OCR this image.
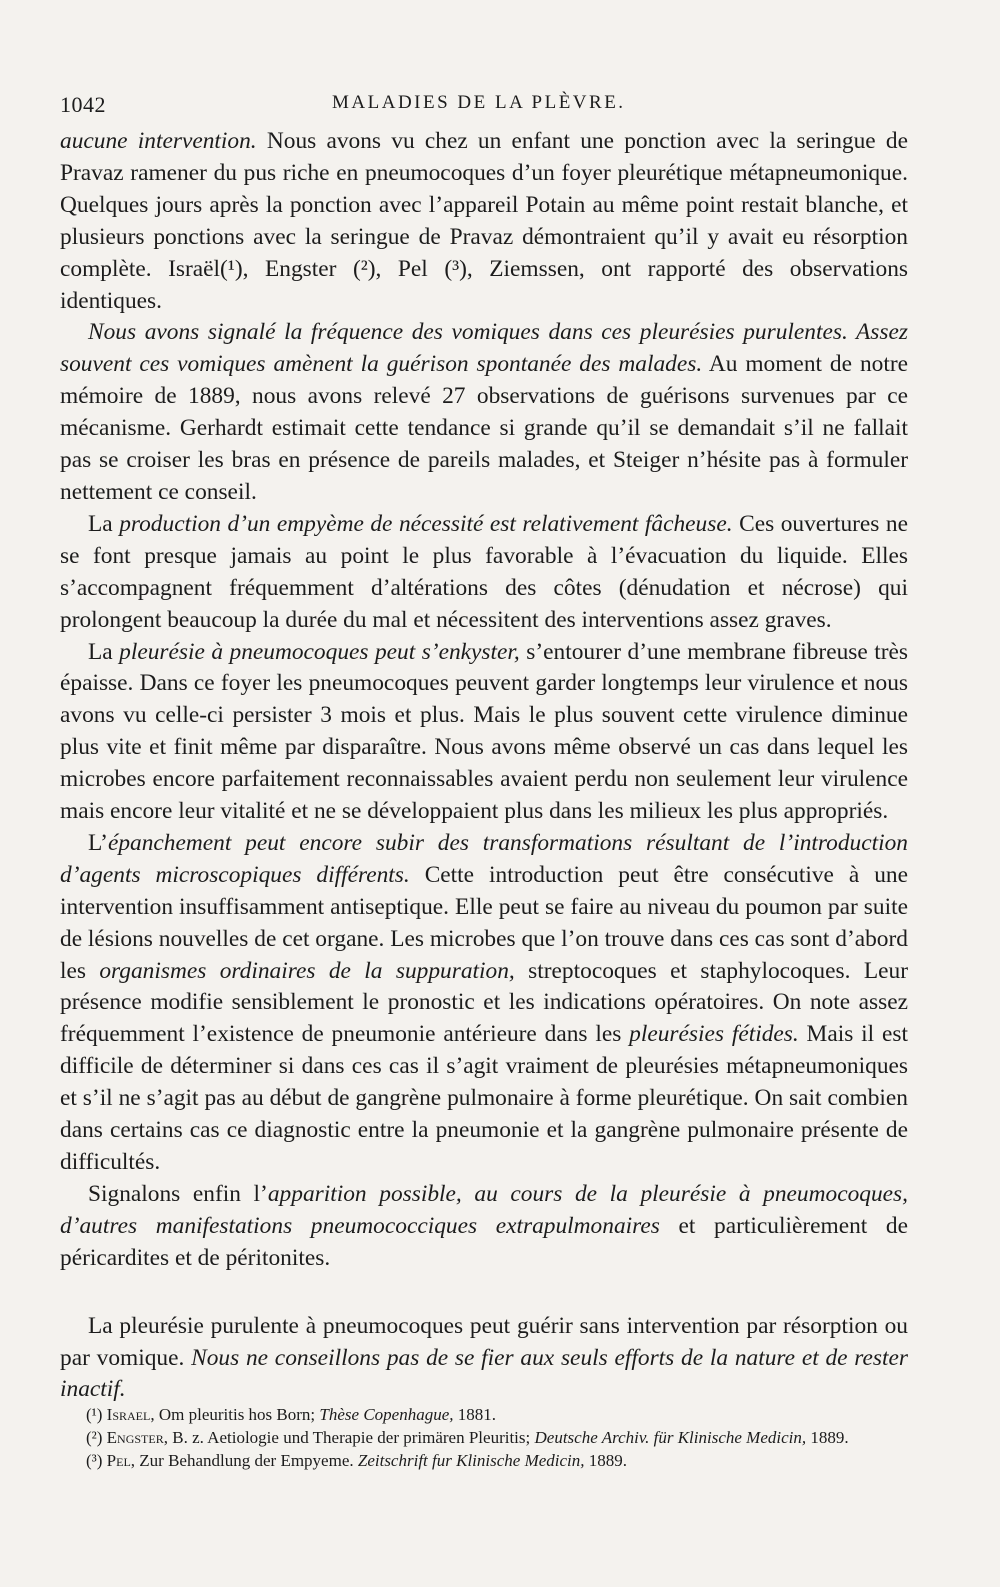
1042	MALADIES DE LA PLÈVRE.

aucune intervention. Nous avons vu chez un enfant une ponction avec la seringue de Pravaz ramener du pus riche en pneumocoques d’un foyer pleurétique métapneumonique. Quelques jours après la ponction avec l’appareil Potain au même point restait blanche, et plusieurs ponctions avec la seringue de Pravaz démontraient qu’il y avait eu résorption complète. Israël(¹), Engster (²), Pel (³), Ziemssen, ont rapporté des observations identiques.

Nous avons signalé la fréquence des vomiques dans ces pleurésies purulentes. Assez souvent ces vomiques amènent la guérison spontanée des malades. Au moment de notre mémoire de 1889, nous avons relevé 27 observations de guérisons survenues par ce mécanisme. Gerhardt estimait cette tendance si grande qu’il se demandait s’il ne fallait pas se croiser les bras en présence de pareils malades, et Steiger n’hésite pas à formuler nettement ce conseil.

La production d’un empyème de nécessité est relativement fâcheuse. Ces ouvertures ne se font presque jamais au point le plus favorable à l’évacuation du liquide. Elles s’accompagnent fréquemment d’altérations des côtes (dénudation et nécrose) qui prolongent beaucoup la durée du mal et nécessitent des interventions assez graves.

La pleurésie à pneumocoques peut s’enkyster, s’entourer d’une membrane fibreuse très épaisse. Dans ce foyer les pneumocoques peuvent garder longtemps leur virulence et nous avons vu celle-ci persister 3 mois et plus. Mais le plus souvent cette virulence diminue plus vite et finit même par disparaître. Nous avons même observé un cas dans lequel les microbes encore parfaitement reconnaissables avaient perdu non seulement leur virulence mais encore leur vitalité et ne se développaient plus dans les milieux les plus appropriés.

L’épanchement peut encore subir des transformations résultant de l’introduction d’agents microscopiques différents. Cette introduction peut être consécutive à une intervention insuffisamment antiseptique. Elle peut se faire au niveau du poumon par suite de lésions nouvelles de cet organe. Les microbes que l’on trouve dans ces cas sont d’abord les organismes ordinaires de la suppuration, streptocoques et staphylocoques. Leur présence modifie sensiblement le pronostic et les indications opératoires. On note assez fréquemment l’existence de pneumonie antérieure dans les pleurésies fétides. Mais il est difficile de déterminer si dans ces cas il s’agit vraiment de pleurésies métapneumoniques et s’il ne s’agit pas au début de gangrène pulmonaire à forme pleurétique. On sait combien dans certains cas ce diagnostic entre la pneumonie et la gangrène pulmonaire présente de difficultés.

Signalons enfin l’apparition possible, au cours de la pleurésie à pneumocoques, d’autres manifestations pneumococciques extrapulmonaires et particulièrement de péricardites et de péritonites.

La pleurésie purulente à pneumocoques peut guérir sans intervention par résorption ou par vomique. Nous ne conseillons pas de se fier aux seuls efforts de la nature et de rester inactif.

(¹) Israel, Om pleuritis hos Born; Thèse Copenhague, 1881.

(²) Engster, B. z. Aetiologie und Therapie der primären Pleuritis; Deutsche Archiv. für Klinische Medicin, 1889.

(³) Pel, Zur Behandlung der Empyeme. Zeitschrift fur Klinische Medicin, 1889.
